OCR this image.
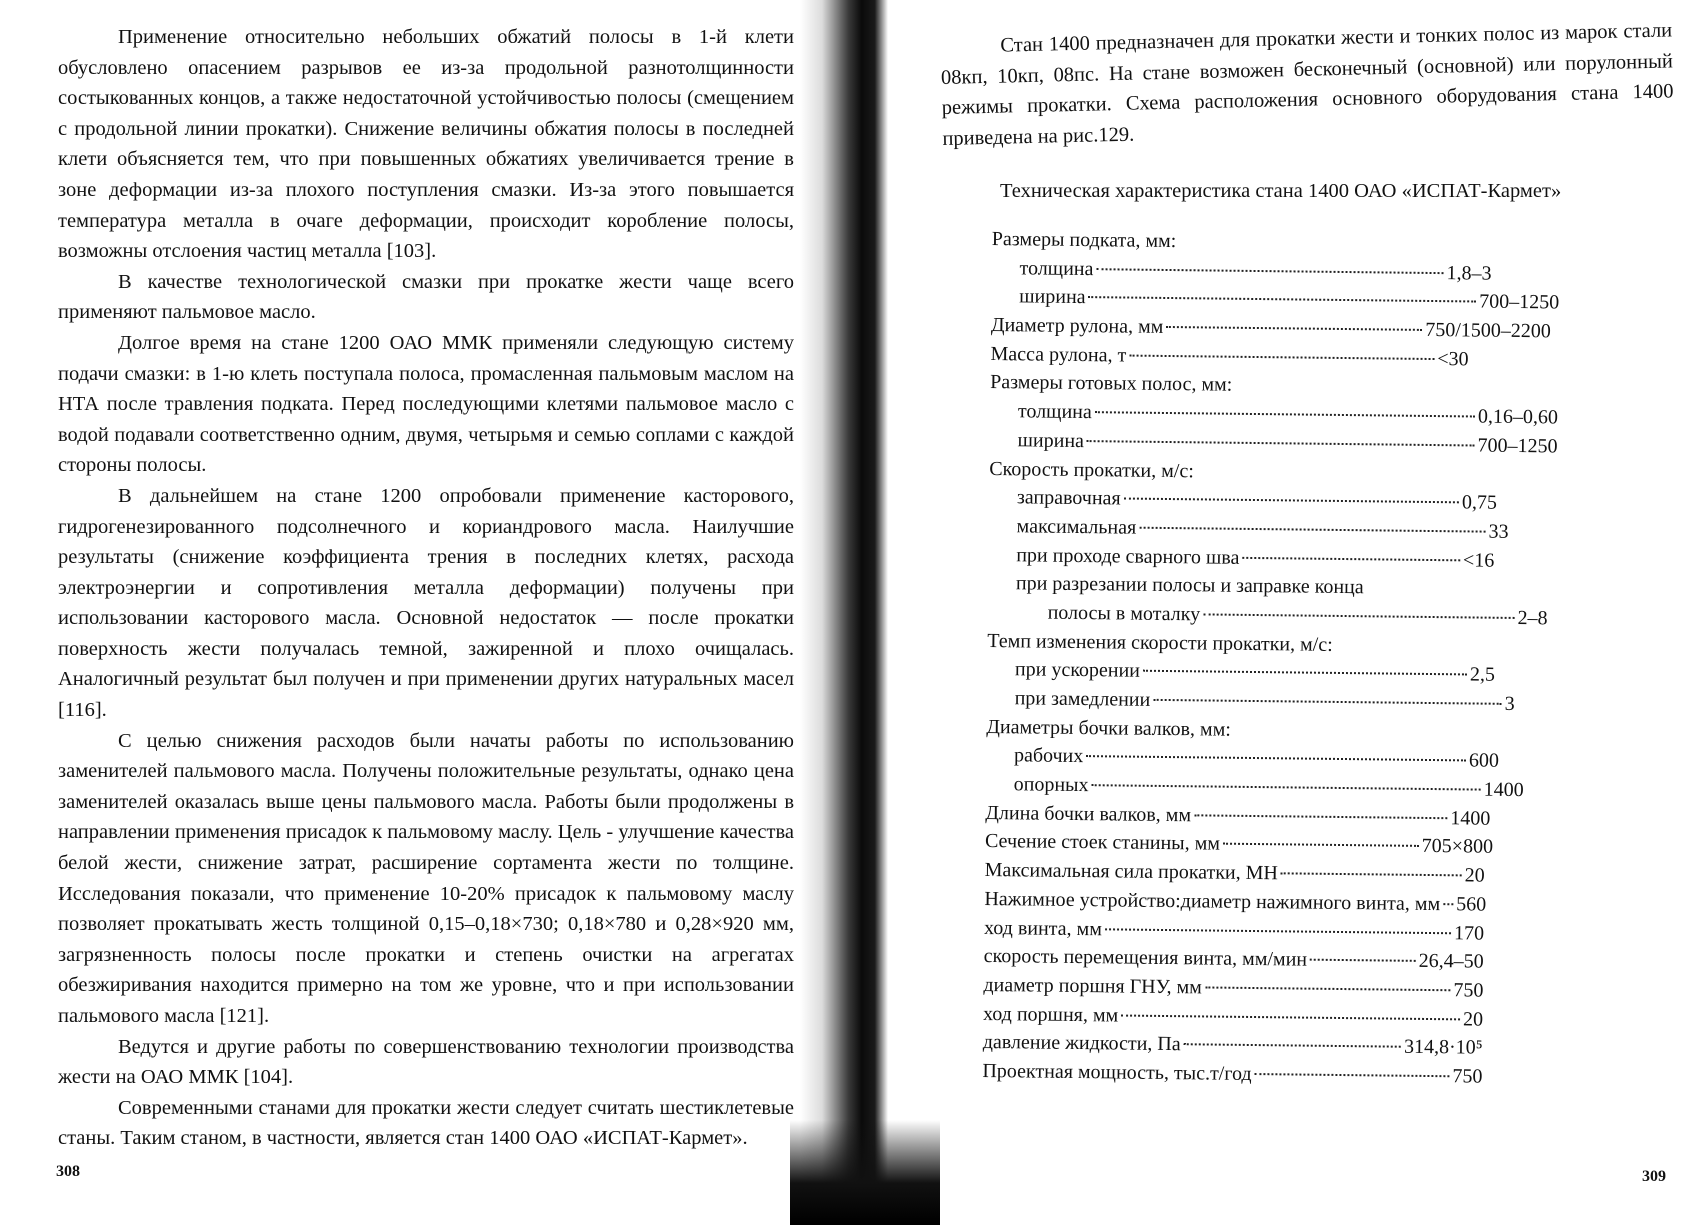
Применение относительно небольших обжатий полосы в 1-й клети обусловлено опасением разрывов ее из-за продольной разнотолщинности состыкованных концов, а также недостаточной устойчивостью полосы (смещением с продольной линии прокатки). Снижение величины обжатия полосы в последней клети объясняется тем, что при повышенных обжатиях увеличивается трение в зоне деформации из-за плохого поступления смазки. Из-за этого повышается температура металла в очаге деформации, происходит коробление полосы, возможны отслоения частиц металла [103].

В качестве технологической смазки при прокатке жести чаще всего применяют пальмовое масло.

Долгое время на стане 1200 ОАО ММК применяли следующую систему подачи смазки: в 1-ю клеть поступала полоса, промасленная пальмовым маслом на НТА после травления подката. Перед последующими клетями пальмовое масло с водой подавали соответственно одним, двумя, четырьмя и семью соплами с каждой стороны полосы.

В дальнейшем на стане 1200 опробовали применение касторового, гидрогенезированного подсолнечного и кориандрового масла. Наилучшие результаты (снижение коэффициента трения в последних клетях, расхода электроэнергии и сопротивления металла деформации) получены при использовании касторового масла. Основной недостаток — после прокатки поверхность жести получалась темной, зажиренной и плохо очищалась. Аналогичный результат был получен и при применении других натуральных масел [116].

С целью снижения расходов были начаты работы по использованию заменителей пальмового масла. Получены положительные результаты, однако цена заменителей оказалась выше цены пальмового масла. Работы были продолжены в направлении применения присадок к пальмовому маслу. Цель - улучшение качества белой жести, снижение затрат, расширение сортамента жести по толщине. Исследования показали, что применение 10-20% присадок к пальмовому маслу позволяет прокатывать жесть толщиной 0,15–0,18×730; 0,18×780 и 0,28×920 мм, загрязненность полосы после прокатки и степень очистки на агрегатах обезжиривания находится примерно на том же уровне, что и при использовании пальмового масла [121].

Ведутся и другие работы по совершенствованию технологии производства жести на ОАО ММК [104].

Современными станами для прокатки жести следует считать шестиклетевые станы. Таким станом, в частности, является стан 1400 ОАО «ИСПАТ-Кармет».

308

Стан 1400 предназначен для прокатки жести и тонких полос из марок стали 08кп, 10кп, 08пс. На стане возможен бесконечный (основной) или порулонный режимы прокатки. Схема расположения основного оборудования стана 1400 приведена на рис.129.

Техническая характеристика стана 1400 ОАО «ИСПАТ-Кармет»
Размеры подката, мм:
толщина	1,8–3
ширина	700–1250
Диаметр рулона, мм	750/1500–2200
Масса рулона, т	<30
Размеры готовых полос, мм:
толщина	0,16–0,60
ширина	700–1250
Скорость прокатки, м/с:
заправочная	0,75
максимальная	33
при проходе сварного шва	<16
при разрезании полосы и заправке конца
полосы в моталку	2–8
Темп изменения скорости прокатки, м/с:
при ускорении	2,5
при замедлении	3
Диаметры бочки валков, мм:
рабочих	600
опорных	1400
Длина бочки валков, мм	1400
Сечение стоек станины, мм	705×800
Максимальная сила прокатки, МН	20
Нажимное устройство:диаметр нажимного винта, мм 560
ход винта, мм	170
скорость перемещения винта, мм/мин	26,4–50
диаметр поршня ГНУ, мм	750
ход поршня, мм	20
давление жидкости, Па	314,8·10⁵
Проектная мощность, тыс.т/год	750
309
